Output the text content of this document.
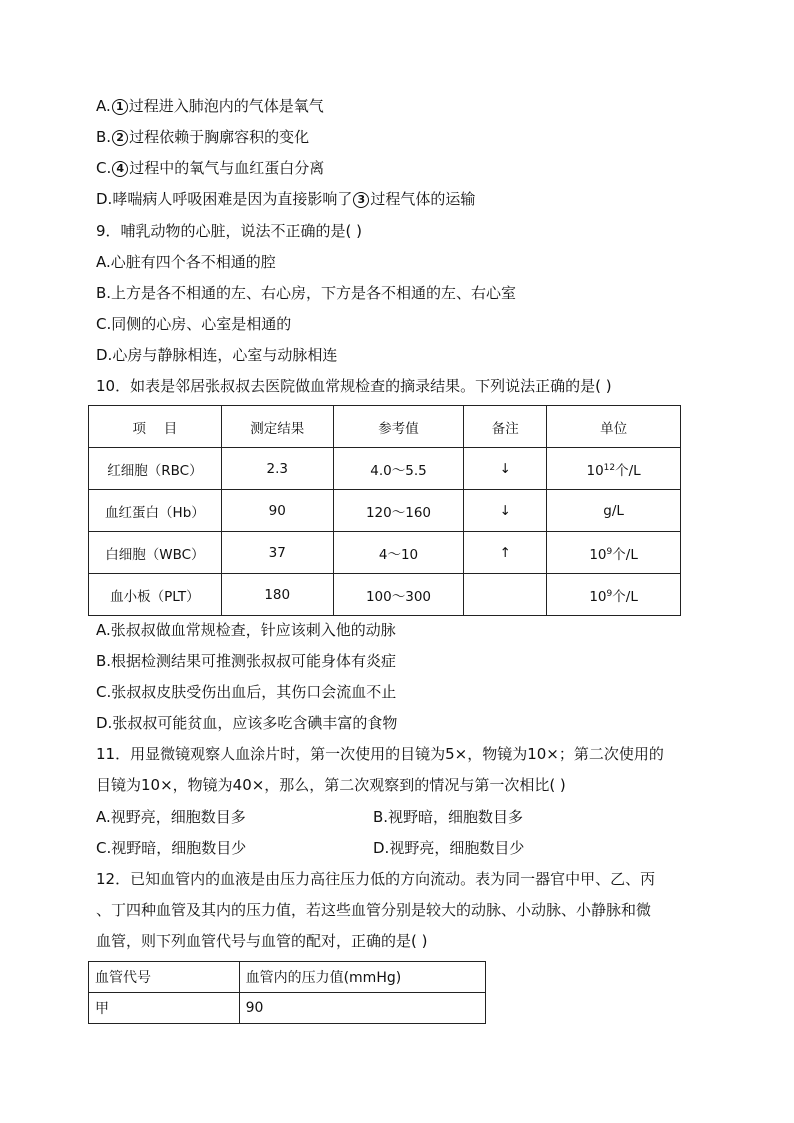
A. 1 过程进入肺泡内的气体是氧气
B. 2 过程依赖于胸廓容积的变化
C. 4 过程中的氧气与血红蛋白分离
D.哮喘病人呼吸困难是因为直接影响了 3 过程气体的运输
9．哺乳动物的心脏，说法不正确的是( )
A.心脏有四个各不相通的腔
B.上方是各不相通的左、右心房，下方是各不相通的左、右心室
C.同侧的心房、心室是相通的
D.心房与静脉相连，心室与动脉相连
10．如表是邻居张叔叔去医院做血常规检查的摘录结果。下列说法正确的是( )
项　 目	测定结果	参考值	备注	单位
红细胞（RBC）	2.3	4.0～5.5	↓	$10^{12}$个/L
血红蛋白（Hb）	90	120～160	↓	g/L
白细胞（WBC）	37	4～10	↑	$10^9$个/L
血小板（PLT）	180	100～300		$10^9$个/L
A.张叔叔做血常规检查，针应该刺入他的动脉
B.根据检测结果可推测张叔叔可能身体有炎症
C.张叔叔皮肤受伤出血后，其伤口会流血不止
D.张叔叔可能贫血，应该多吃含碘丰富的食物
11．用显微镜观察人血涂片时，第一次使用的目镜为5×，物镜为10×；第二次使用的
目镜为10×，物镜为40×，那么，第二次观察到的情况与第一次相比( )
A.视野亮，细胞数目多	B.视野暗，细胞数目多
C.视野暗，细胞数目少	D.视野亮，细胞数目少
12．已知血管内的血液是由压力高往压力低的方向流动。表为同一器官中甲、乙、丙
、丁四种血管及其内的压力值，若这些血管分别是较大的动脉、小动脉、小静脉和微
血管，则下列血管代号与血管的配对，正确的是( )
血管代号	血管内的压力值(mmHg)
甲	90
